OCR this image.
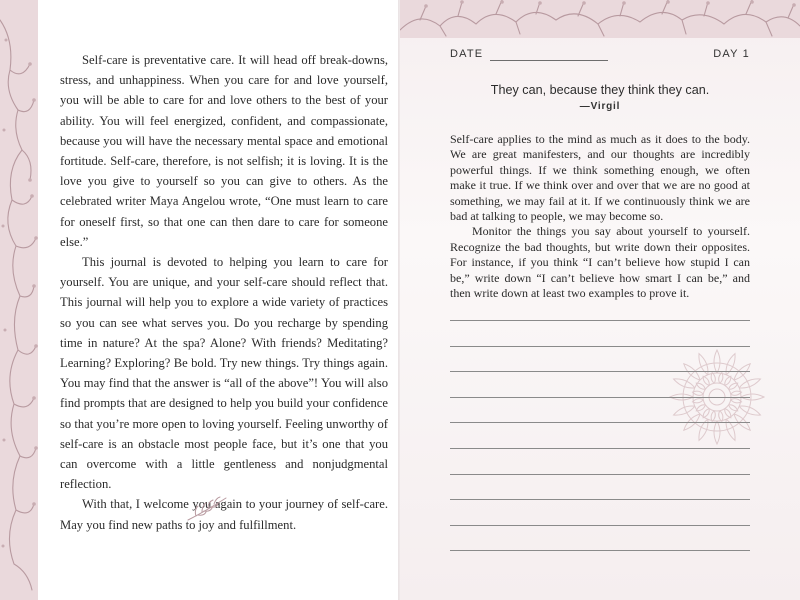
Self-care is preventative care. It will head off break-downs, stress, and unhappiness. When you care for and love yourself, you will be able to care for and love others to the best of your ability. You will feel energized, confident, and compassionate, because you will have the necessary mental space and emotional fortitude. Self-care, therefore, is not selfish; it is loving. It is the love you give to yourself so you can give to others. As the celebrated writer Maya Angelou wrote, “One must learn to care for oneself first, so that one can then dare to care for someone else.”

This journal is devoted to helping you learn to care for yourself. You are unique, and your self-care should reflect that. This journal will help you to explore a wide variety of practices so you can see what serves you. Do you recharge by spending time in nature? At the spa? Alone? With friends? Meditating? Learning? Exploring? Be bold. Try new things. Try things again. You may find that the answer is “all of the above”! You will also find prompts that are designed to help you build your confidence so that you’re more open to loving yourself. Feeling unworthy of self-care is an obstacle most people face, but it’s one that you can overcome with a little gentleness and nonjudgmental reflection.

With that, I welcome you again to your journey of self-care. May you find new paths to joy and fulfillment.

DATE	DAY 1
They can, because they think they can.
—Virgil

Self-care applies to the mind as much as it does to the body. We are great manifesters, and our thoughts are incredibly powerful things. If we think something enough, we often make it true. If we think over and over that we are no good at something, we may fail at it. If we continuously think we are bad at talking to people, we may become so.

Monitor the things you say about yourself to yourself. Recognize the bad thoughts, but write down their opposites. For instance, if you think “I can’t believe how stupid I can be,” write down “I can’t believe how smart I can be,” and then write down at least two examples to prove it.
